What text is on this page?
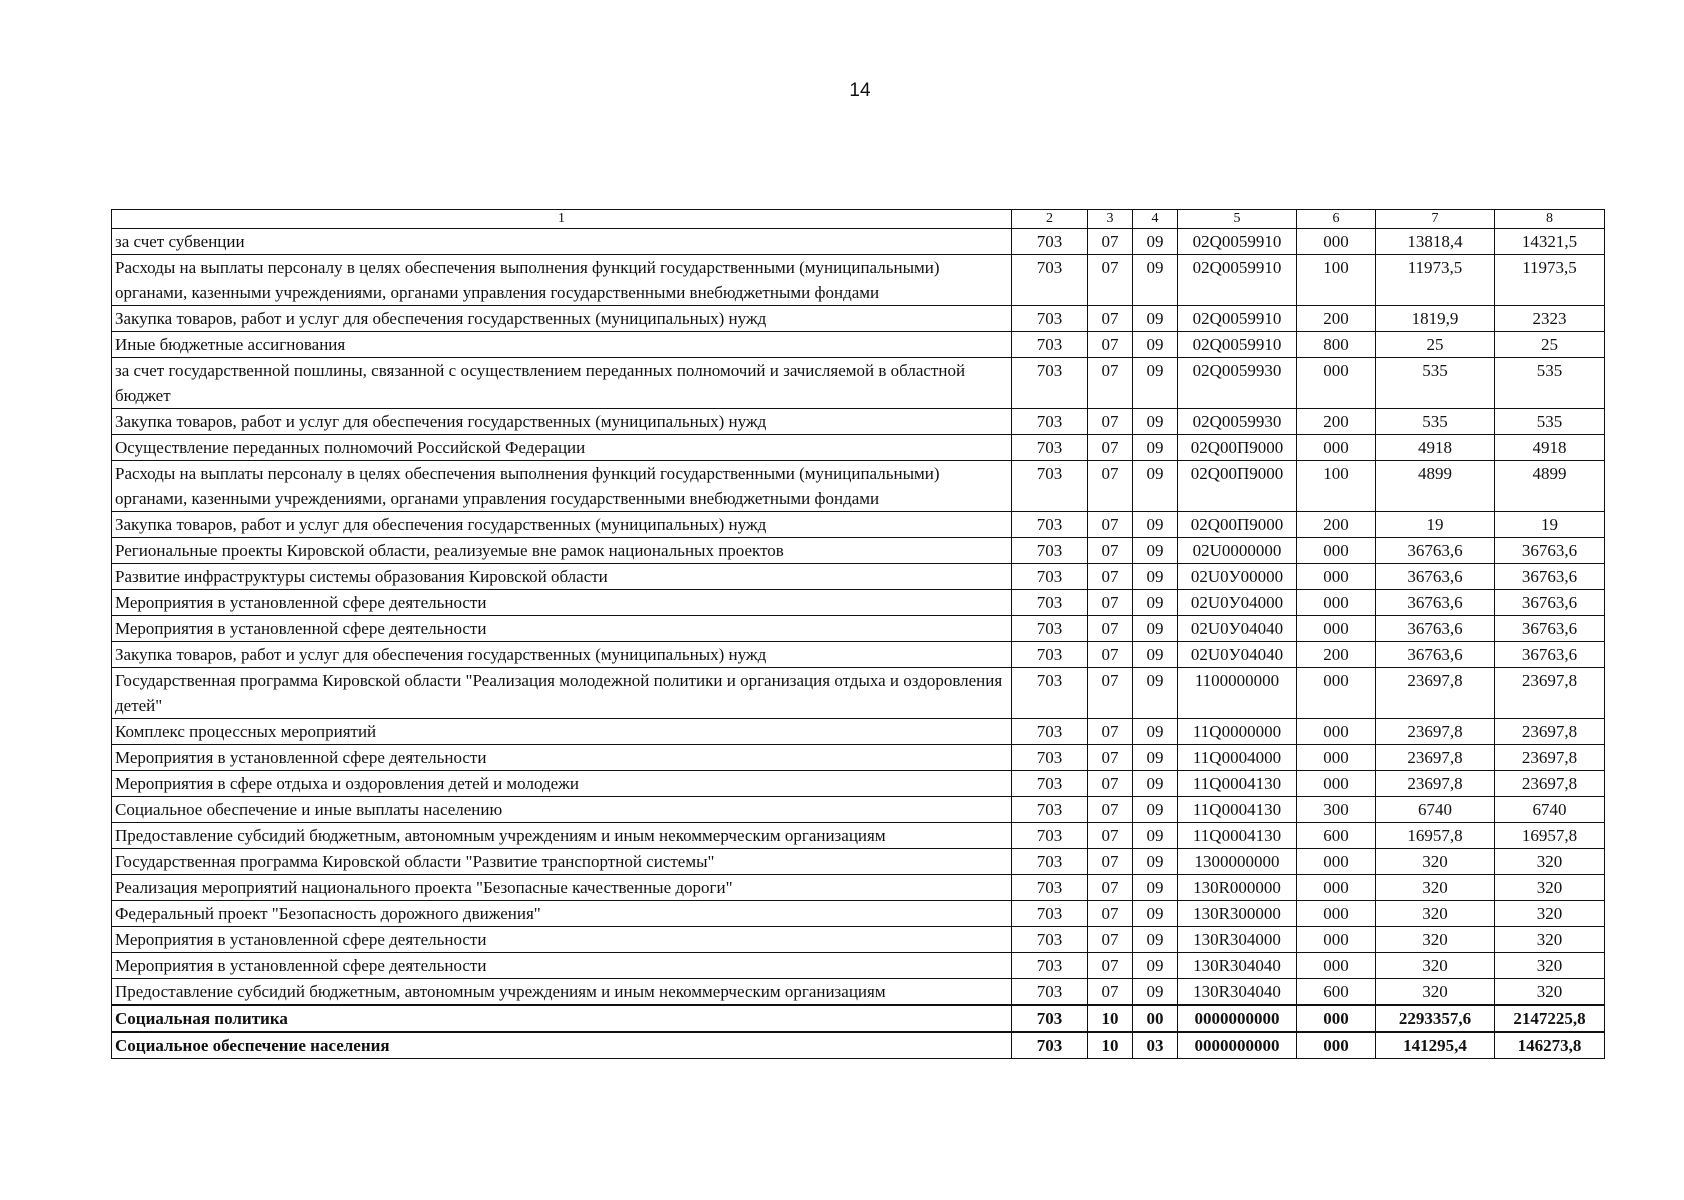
14
1	2	3	4	5	6	7	8
за счет субвенции	703	07	09	02Q0059910	000	13818,4	14321,5
Расходы на выплаты персоналу в целях обеспечения выполнения функций государственными (муниципальными) органами, казенными учреждениями, органами управления государственными внебюджетными фондами	703	07	09	02Q0059910	100	11973,5	11973,5
Закупка товаров, работ и услуг для обеспечения государственных (муниципальных) нужд	703	07	09	02Q0059910	200	1819,9	2323
Иные бюджетные ассигнования	703	07	09	02Q0059910	800	25	25
за счет государственной пошлины, связанной с осуществлением переданных полномочий и зачисляемой в областной бюджет	703	07	09	02Q0059930	000	535	535
Закупка товаров, работ и услуг для обеспечения государственных (муниципальных) нужд	703	07	09	02Q0059930	200	535	535
Осуществление переданных полномочий Российской Федерации	703	07	09	02Q00П9000	000	4918	4918
Расходы на выплаты персоналу в целях обеспечения выполнения функций государственными (муниципальными) органами, казенными учреждениями, органами управления государственными внебюджетными фондами	703	07	09	02Q00П9000	100	4899	4899
Закупка товаров, работ и услуг для обеспечения государственных (муниципальных) нужд	703	07	09	02Q00П9000	200	19	19
Региональные проекты Кировской области, реализуемые вне рамок национальных проектов	703	07	09	02U0000000	000	36763,6	36763,6
Развитие инфраструктуры системы образования Кировской области	703	07	09	02U0У00000	000	36763,6	36763,6
Мероприятия в установленной сфере деятельности	703	07	09	02U0У04000	000	36763,6	36763,6
Мероприятия в установленной сфере деятельности	703	07	09	02U0У04040	000	36763,6	36763,6
Закупка товаров, работ и услуг для обеспечения государственных (муниципальных) нужд	703	07	09	02U0У04040	200	36763,6	36763,6
Государственная программа Кировской области "Реализация молодежной политики и организация отдыха и оздоровления детей"	703	07	09	1100000000	000	23697,8	23697,8
Комплекс процессных мероприятий	703	07	09	11Q0000000	000	23697,8	23697,8
Мероприятия в установленной сфере деятельности	703	07	09	11Q0004000	000	23697,8	23697,8
Мероприятия в сфере отдыха и оздоровления детей и молодежи	703	07	09	11Q0004130	000	23697,8	23697,8
Социальное обеспечение и иные выплаты населению	703	07	09	11Q0004130	300	6740	6740
Предоставление субсидий бюджетным, автономным учреждениям и иным некоммерческим организациям	703	07	09	11Q0004130	600	16957,8	16957,8
Государственная программа Кировской области "Развитие транспортной системы"	703	07	09	1300000000	000	320	320
Реализация мероприятий национального проекта "Безопасные качественные дороги"	703	07	09	130R000000	000	320	320
Федеральный проект "Безопасность дорожного движения"	703	07	09	130R300000	000	320	320
Мероприятия в установленной сфере деятельности	703	07	09	130R304000	000	320	320
Мероприятия в установленной сфере деятельности	703	07	09	130R304040	000	320	320
Предоставление субсидий бюджетным, автономным учреждениям и иным некоммерческим организациям	703	07	09	130R304040	600	320	320
Социальная политика	703	10	00	0000000000	000	2293357,6	2147225,8
Социальное обеспечение населения	703	10	03	0000000000	000	141295,4	146273,8
